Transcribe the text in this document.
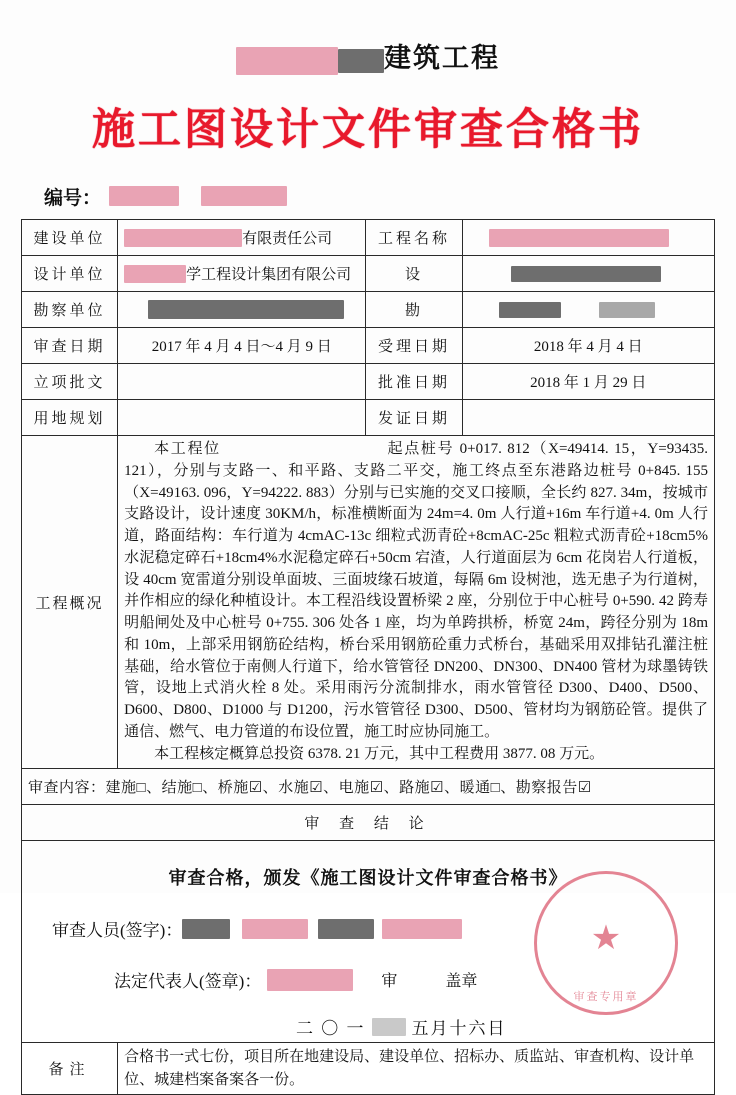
建筑工程
施工图设计文件审查合格书
编号：
建设单位	有限责任公司	工程名称	

设计单位	学工程设计集团有限公司	设	

勘察单位		勘	

审查日期	2017 年 4 月 4 日～4 月 9 日	受理日期	2018 年 4 月 4 日
立项批文		批准日期	2018 年 1 月 29 日
用地规划		发证日期	
工程概况	本工程位　　　　　　　　　　起点桩号 0+017. 812（X=49414. 15，Y=93435. 121），分别与支路一、和平路、支路二平交，施工终点至东港路边桩号 0+845. 155（X=49163. 096，Y=94222. 883）分别与已实施的交叉口接顺，全长约 827. 34m，按城市支路设计，设计速度 30KM/h，标准横断面为 24m=4. 0m 人行道+16m 车行道+4. 0m 人行道，路面结构：车行道为 4cmAC-13c 细粒式沥青砼+8cmAC-25c 粗粒式沥青砼+18cm5%水泥稳定碎石+18cm4%水泥稳定碎石+50cm 宕渣，人行道面层为 6cm 花岗岩人行道板，设 40cm 宽雷道分别设单面坡、三面坡缘石坡道，每隔 6m 设树池，选无患子为行道树，并作相应的绿化种植设计。本工程沿线设置桥梁 2 座，分别位于中心桩号 0+590. 42 跨寿明船闸处及中心桩号 0+755. 306 处各 1 座，均为单跨拱桥，桥宽 24m，跨径分别为 18m 和 10m，上部采用钢筋砼结构，桥台采用钢筋砼重力式桥台，基础采用双排钻孔灌注桩基础，给水管位于南侧人行道下，给水管管径 DN200、DN300、DN400 管材为球墨铸铁管，设地上式消火栓 8 处。采用雨污分流制排水，雨水管管径 D300、D400、D500、D600、D800、D1000 与 D1200，污水管管径 D300、D500、管材均为钢筋砼管。提供了通信、燃气、电力管道的布设位置，施工时应协同施工。

本工程核定概算总投资 6378. 21 万元，其中工程费用 3877. 08 万元。		

审查内容：建施□、结施□、桥施☑、水施☑、电施☑、路施☑、暖通□、勘察报告☑			
审 查 结 论			

审查合格，颁发《施工图设计文件审查合格书》
审查人员(签字)：
法定代表人(签章)：	审　　　盖章
二 〇 一	五月十六日
★
审查专用章

备注	合格书一式七份，项目所在地建设局、建设单位、招标办、质监站、审查机构、设计单位、城建档案备案各一份。		
